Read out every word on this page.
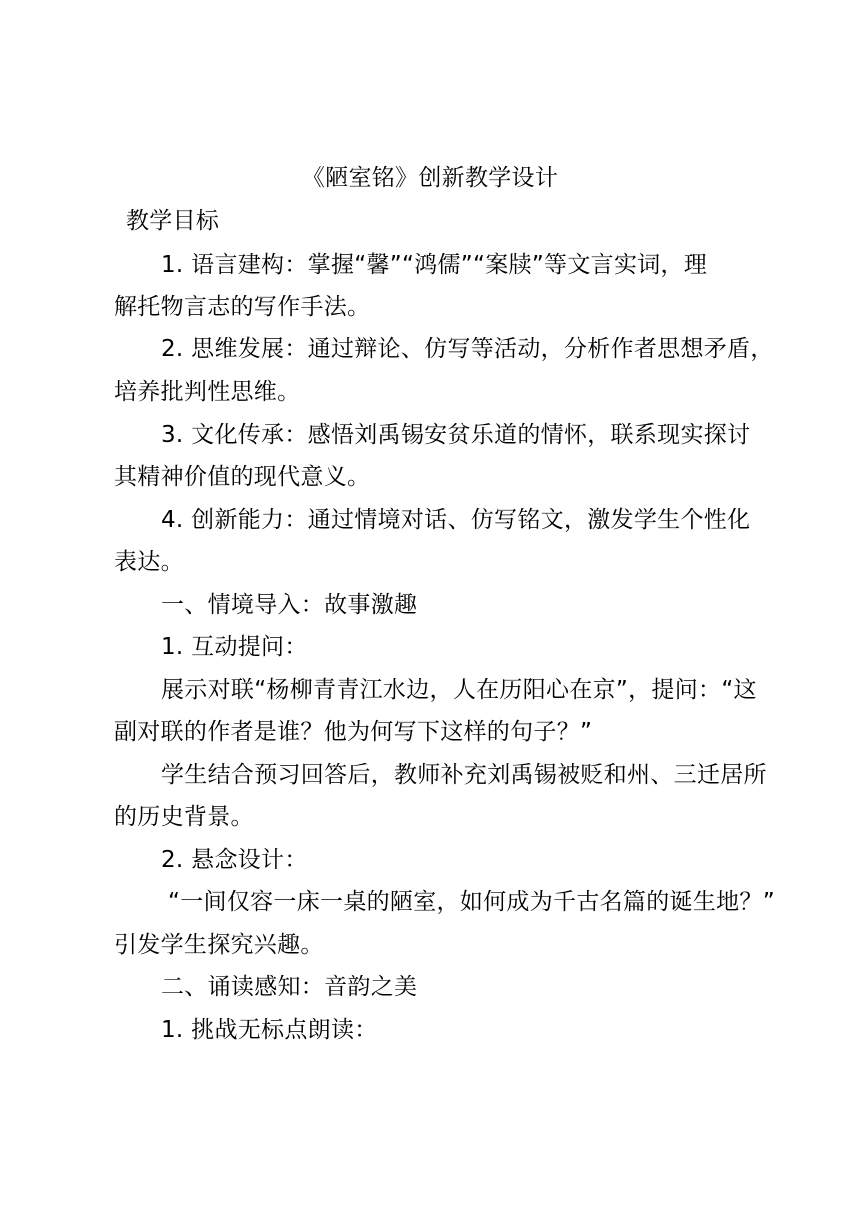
《陋室铭》创新教学设计
教学目标
1. 语言建构：掌握“馨”“鸿儒”“案牍”等文言实词，理
解托物言志的写作手法。
2. 思维发展：通过辩论、仿写等活动，分析作者思想矛盾，
培养批判性思维。
3. 文化传承：感悟刘禹锡安贫乐道的情怀，联系现实探讨
其精神价值的现代意义。
4. 创新能力：通过情境对话、仿写铭文，激发学生个性化
表达。
一、情境导入：故事激趣
1. 互动提问：
展示对联“杨柳青青江水边，人在历阳心在京”，提问：“这
副对联的作者是谁？他为何写下这样的句子？”
学生结合预习回答后，教师补充刘禹锡被贬和州、三迁居所
的历史背景。
2. 悬念设计：
“一间仅容一床一桌的陋室，如何成为千古名篇的诞生地？”
引发学生探究兴趣。
二、诵读感知：音韵之美
1. 挑战无标点朗读：
